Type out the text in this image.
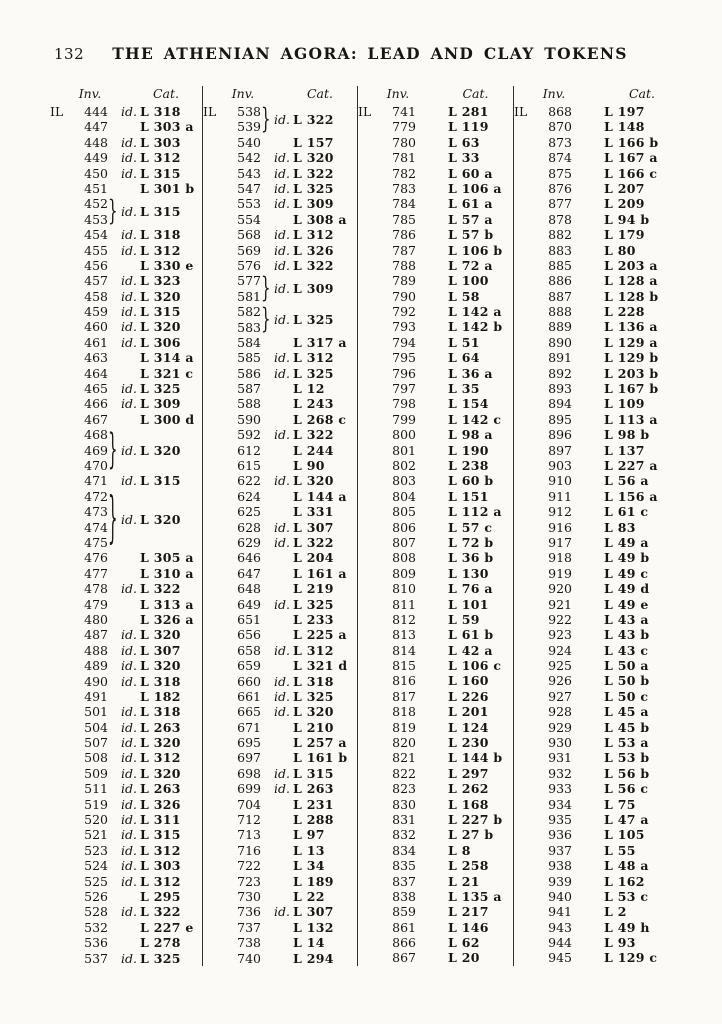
132 THE ATHENIAN AGORA: LEAD AND CLAY TOKENS
Inv.	Cat.
IL	444	id. L 318
447	L 303 a
448	id. L 303
449	id. L 312
450	id. L 315
451	L 301 b
452
453 } id. L 315
454	id. L 318
455	id. L 312
456	L 330 e
457	id. L 323
458	id. L 320
459	id. L 315
460	id. L 320
461	id. L 306
463	L 314 a
464	L 321 c
465	id. L 325
466	id. L 309
467	L 300 d
468
469
470 } id. L 320
471	id. L 315
472
473
474
475 } id. L 320
476	L 305 a
477	L 310 a
478	id. L 322
479	L 313 a
480	L 326 a
487	id. L 320
488	id. L 307
489	id. L 320
490	id. L 318
491	L 182
501	id. L 318
504	id. L 263
507	id. L 320
508	id. L 312
509	id. L 320
511	id. L 263
519	id. L 326
520	id. L 311
521	id. L 315
523	id. L 312
524	id. L 303
525	id. L 312
526	L 295
528	id. L 322
532	L 227 e
536	L 278
537	id. L 325
Inv.	Cat.
IL	538
539 } id. L 322
540	L 157
542	id. L 320
543	id. L 322
547	id. L 325
553	id. L 309
554	L 308 a
568	id. L 312
569	id. L 326
576	id. L 322
577
581 } id. L 309
582
583 } id. L 325
584	L 317 a
585	id. L 312
586	id. L 325
587	L 12
588	L 243
590	L 268 c
592	id. L 322
612	L 244
615	L 90
622	id. L 320
624	L 144 a
625	L 331
628	id. L 307
629	id. L 322
646	L 204
647	L 161 a
648	L 219
649	id. L 325
651	L 233
656	L 225 a
658	id. L 312
659	L 321 d
660	id. L 318
661	id. L 325
665	id. L 320
671	L 210
695	L 257 a
697	L 161 b
698	id. L 315
699	id. L 263
704	L 231
712	L 288
713	L 97
716	L 13
722	L 34
723	L 189
730	L 22
736	id. L 307
737	L 132
738	L 14
740	L 294
Inv.	Cat.
IL	741	L 281
779	L 119
780	L 63
781	L 33
782	L 60 a
783	L 106 a
784	L 61 a
785	L 57 a
786	L 57 b
787	L 106 b
788	L 72 a
789	L 100
790	L 58
792	L 142 a
793	L 142 b
794	L 51
795	L 64
796	L 36 a
797	L 35
798	L 154
799	L 142 c
800	L 98 a
801	L 190
802	L 238
803	L 60 b
804	L 151
805	L 112 a
806	L 57 c
807	L 72 b
808	L 36 b
809	L 130
810	L 76 a
811	L 101
812	L 59
813	L 61 b
814	L 42 a
815	L 106 c
816	L 160
817	L 226
818	L 201
819	L 124
820	L 230
821	L 144 b
822	L 297
823	L 262
830	L 168
831	L 227 b
832	L 27 b
834	L 8
835	L 258
837	L 21
838	L 135 a
859	L 217
861	L 146
866	L 62
867	L 20
Inv.	Cat.
IL	868	L 197
870	L 148
873	L 166 b
874	L 167 a
875	L 166 c
876	L 207
877	L 209
878	L 94 b
882	L 179
883	L 80
885	L 203 a
886	L 128 a
887	L 128 b
888	L 228
889	L 136 a
890	L 129 a
891	L 129 b
892	L 203 b
893	L 167 b
894	L 109
895	L 113 a
896	L 98 b
897	L 137
903	L 227 a
910	L 56 a
911	L 156 a
912	L 61 c
916	L 83
917	L 49 a
918	L 49 b
919	L 49 c
920	L 49 d
921	L 49 e
922	L 43 a
923	L 43 b
924	L 43 c
925	L 50 a
926	L 50 b
927	L 50 c
928	L 45 a
929	L 45 b
930	L 53 a
931	L 53 b
932	L 56 b
933	L 56 c
934	L 75
935	L 47 a
936	L 105
937	L 55
938	L 48 a
939	L 162
940	L 53 c
941	L 2
943	L 49 h
944	L 93
945	L 129 c
